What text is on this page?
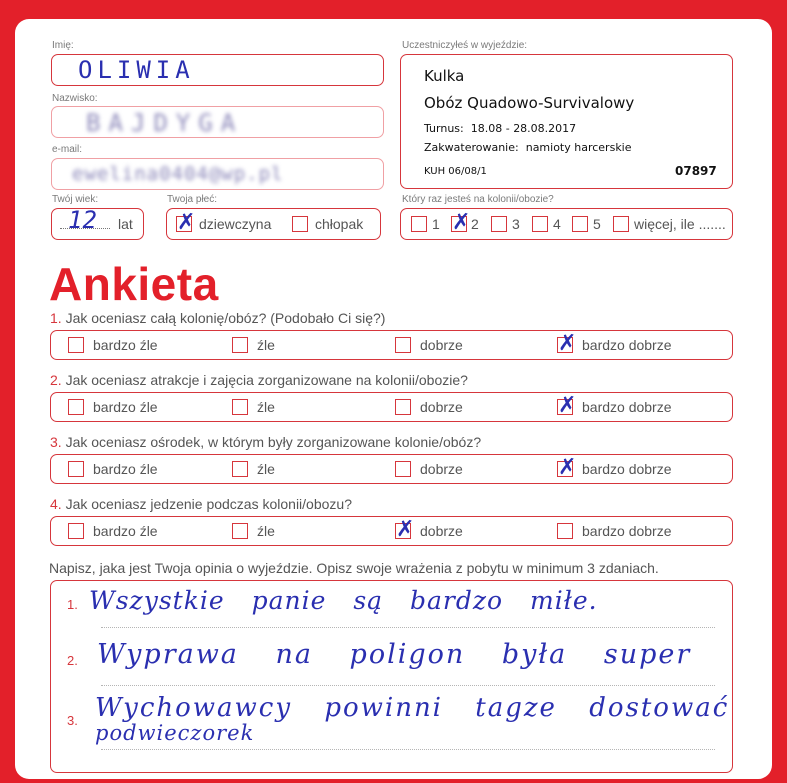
Imię:
OLIWIA
Nazwisko:
BAJDYGA
e-mail:
ewelina0404@wp.pl
Twój wiek:
12 lat
Twoja płeć:
✗ dziewczyna	chłopak
Uczestniczyłeś w wyjeździe:
Kulka
Obóz Quadowo-Survivalowy
Turnus: 18.08 - 28.08.2017
Zakwaterowanie: namioty harcerskie
KUH 06/08/1	07897
Który raz jesteś na kolonii/obozie?
1 ✗ 2 3 4 5 więcej, ile .......
Ankieta
1. Jak oceniasz całą kolonię/obóz? (Podobało Ci się?)
bardzo źle	źle	dobrze	✗ bardzo dobrze
2. Jak oceniasz atrakcje i zajęcia zorganizowane na kolonii/obozie?
bardzo źle	źle	dobrze	✗ bardzo dobrze
3. Jak oceniasz ośrodek, w którym były zorganizowane kolonie/obóz?
bardzo źle	źle	dobrze	✗ bardzo dobrze
4. Jak oceniasz jedzenie podczas kolonii/obozu?
bardzo źle	źle	✗ dobrze	bardzo dobrze
Napisz, jaka jest Twoja opinia o wyjeździe. Opisz swoje wrażenia z pobytu w minimum 3 zdaniach.
1. Wszystkie panie są bardzo miłe.
2. Wyprawa na poligon była super
3. Wychowawcy powinni tagze dostować
podwieczorek
